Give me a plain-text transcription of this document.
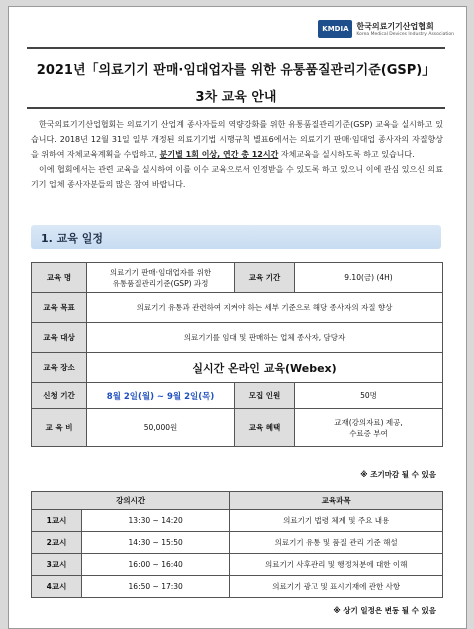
KMDIA 한국의료기기산업협회
Korea Medical Devices Industry Association
2021년「의료기기 판매·임대업자를 위한 유통품질관리기준(GSP)」
3차 교육 안내

한국의료기기산업협회는 의료기기 산업계 종사자들의 역량강화를 위한 유통품질관리기준(GSP) 교육을 실시하고 있습니다. 2018년 12월 31일 일부 개정된 의료기기법 시행규칙 별표6에서는 의료기기 판매·임대업 종사자의 자질향상을 위하여 자체교육계획을 수립하고, 분기별 1회 이상, 연간 총 12시간 자체교육을 실시하도록 하고 있습니다.

이에 협회에서는 관련 교육을 실시하여 이를 이수 교육으로서 인정받을 수 있도록 하고 있으니 이에 관심 있으신 의료기기 업체 종사자분들의 많은 참여 바랍니다.

1. 교육 일정
교육 명	의료기기 판매·임대업자를 위한
유통품질관리기준(GSP) 과정	교육 기간	9.10(금) (4H)
교육 목표	의료기기 유통과 관련하여 지켜야 하는 세부 기준으로 해당 종사자의 자질 향상		
교육 대상	의료기기를 임대 및 판매하는 업체 종사자, 담당자		
교육 장소	실시간 온라인 교육(Webex)		
신청 기간	8월 2일(월) ~ 9월 2일(목)	모집 인원	50명
교 육 비	50,000원	교육 혜택	교재(강의자료) 제공,
수료증 부여
※ 조기마감 될 수 있음
강의시간		교육과목
1교시	13:30 ~ 14:20	의료기기 법령 체계 및 주요 내용
2교시	14:30 ~ 15:50	의료기기 유통 및 품질 관리 기준 해설
3교시	16:00 ~ 16:40	의료기기 사후관리 및 행정처분에 대한 이해
4교시	16:50 ~ 17:30	의료기기 광고 및 표시기재에 관한 사항
※ 상기 일정은 변동 될 수 있음
